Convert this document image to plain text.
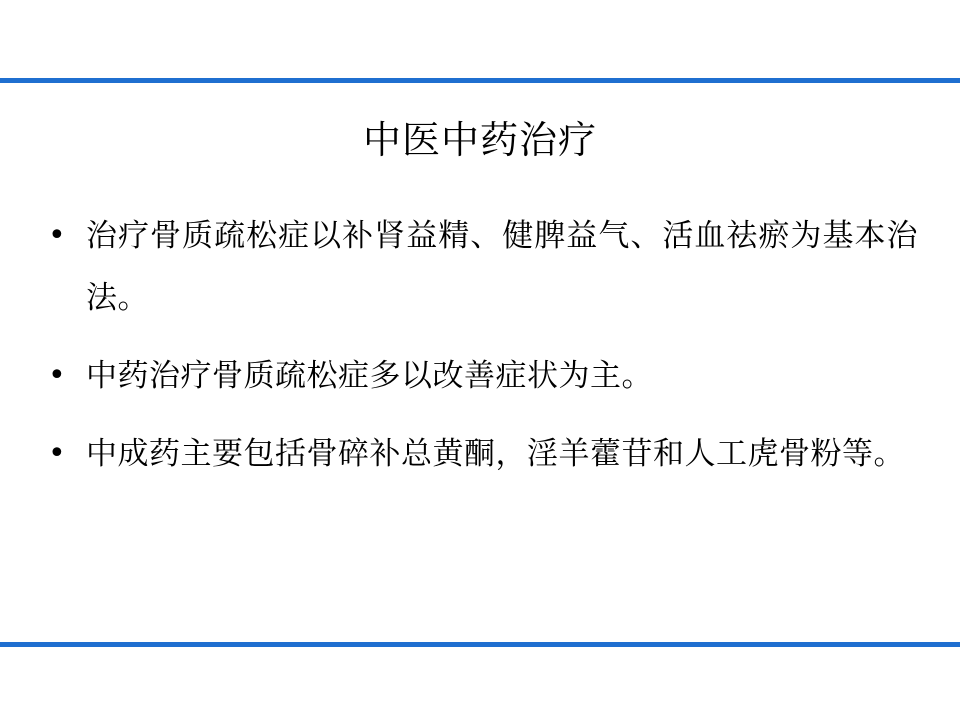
中医中药治疗
• 治疗骨质疏松症以补肾益精、健脾益气、活血祛瘀为基本治法。
• 中药治疗骨质疏松症多以改善症状为主。
• 中成药主要包括骨碎补总黄酮，淫羊藿苷和人工虎骨粉等。
